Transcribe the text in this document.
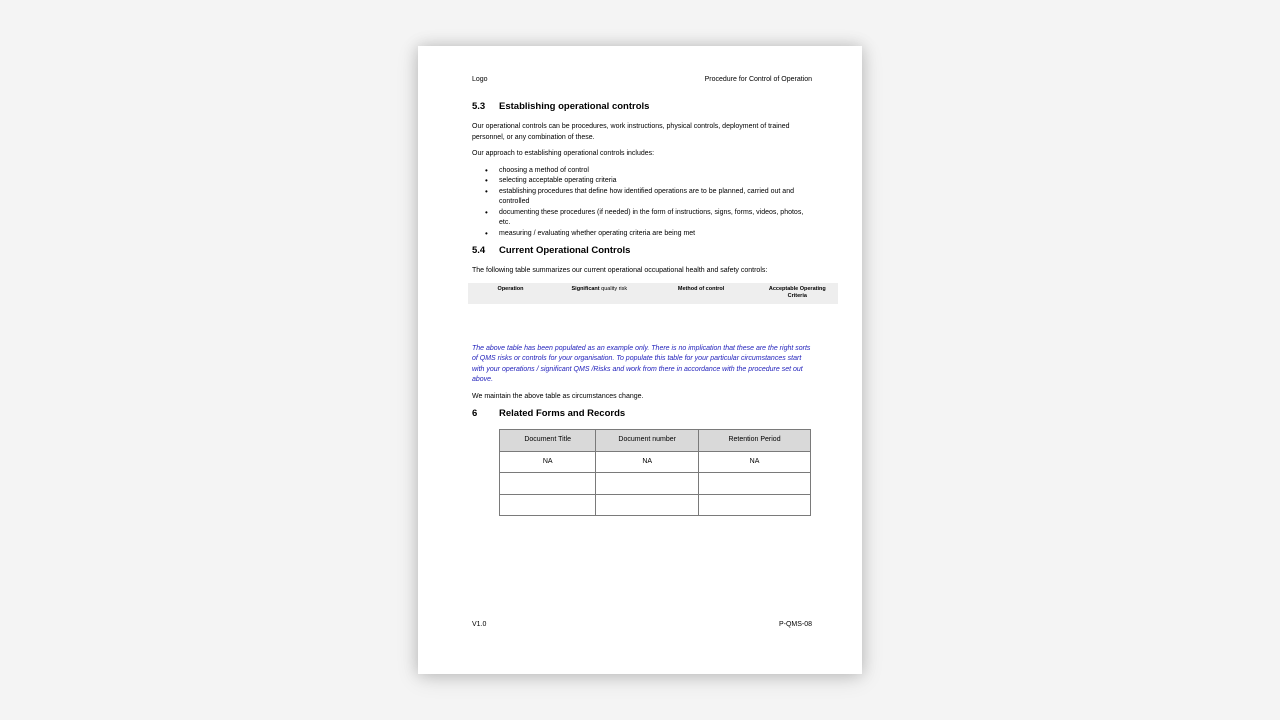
Logo	Procedure for Control of Operation
5.3	Establishing operational controls

Our operational controls can be procedures, work instructions, physical controls, deployment of trained personnel, or any combination of these.

Our approach to establishing operational controls includes:

• choosing a method of control
• selecting acceptable operating criteria
• establishing procedures that define how identified operations are to be planned, carried out and controlled
• documenting these procedures (if needed) in the form of instructions, signs, forms, videos, photos, etc.
• measuring / evaluating whether operating criteria are being met
5.4	Current Operational Controls

The following table summarizes our current operational occupational health and safety controls:

Operation	Significant quality risk	Method of control	Acceptable Operating Criteria

The above table has been populated as an example only. There is no implication that these are the right sorts of QMS risks or controls for your organisation. To populate this table for your particular circumstances start with your operations / significant QMS /Risks and work from there in accordance with the procedure set out above.

We maintain the above table as circumstances change.

6	Related Forms and Records
Document Title	Document number	Retention Period
NA	NA	NA

V1.0	P-QMS-08
